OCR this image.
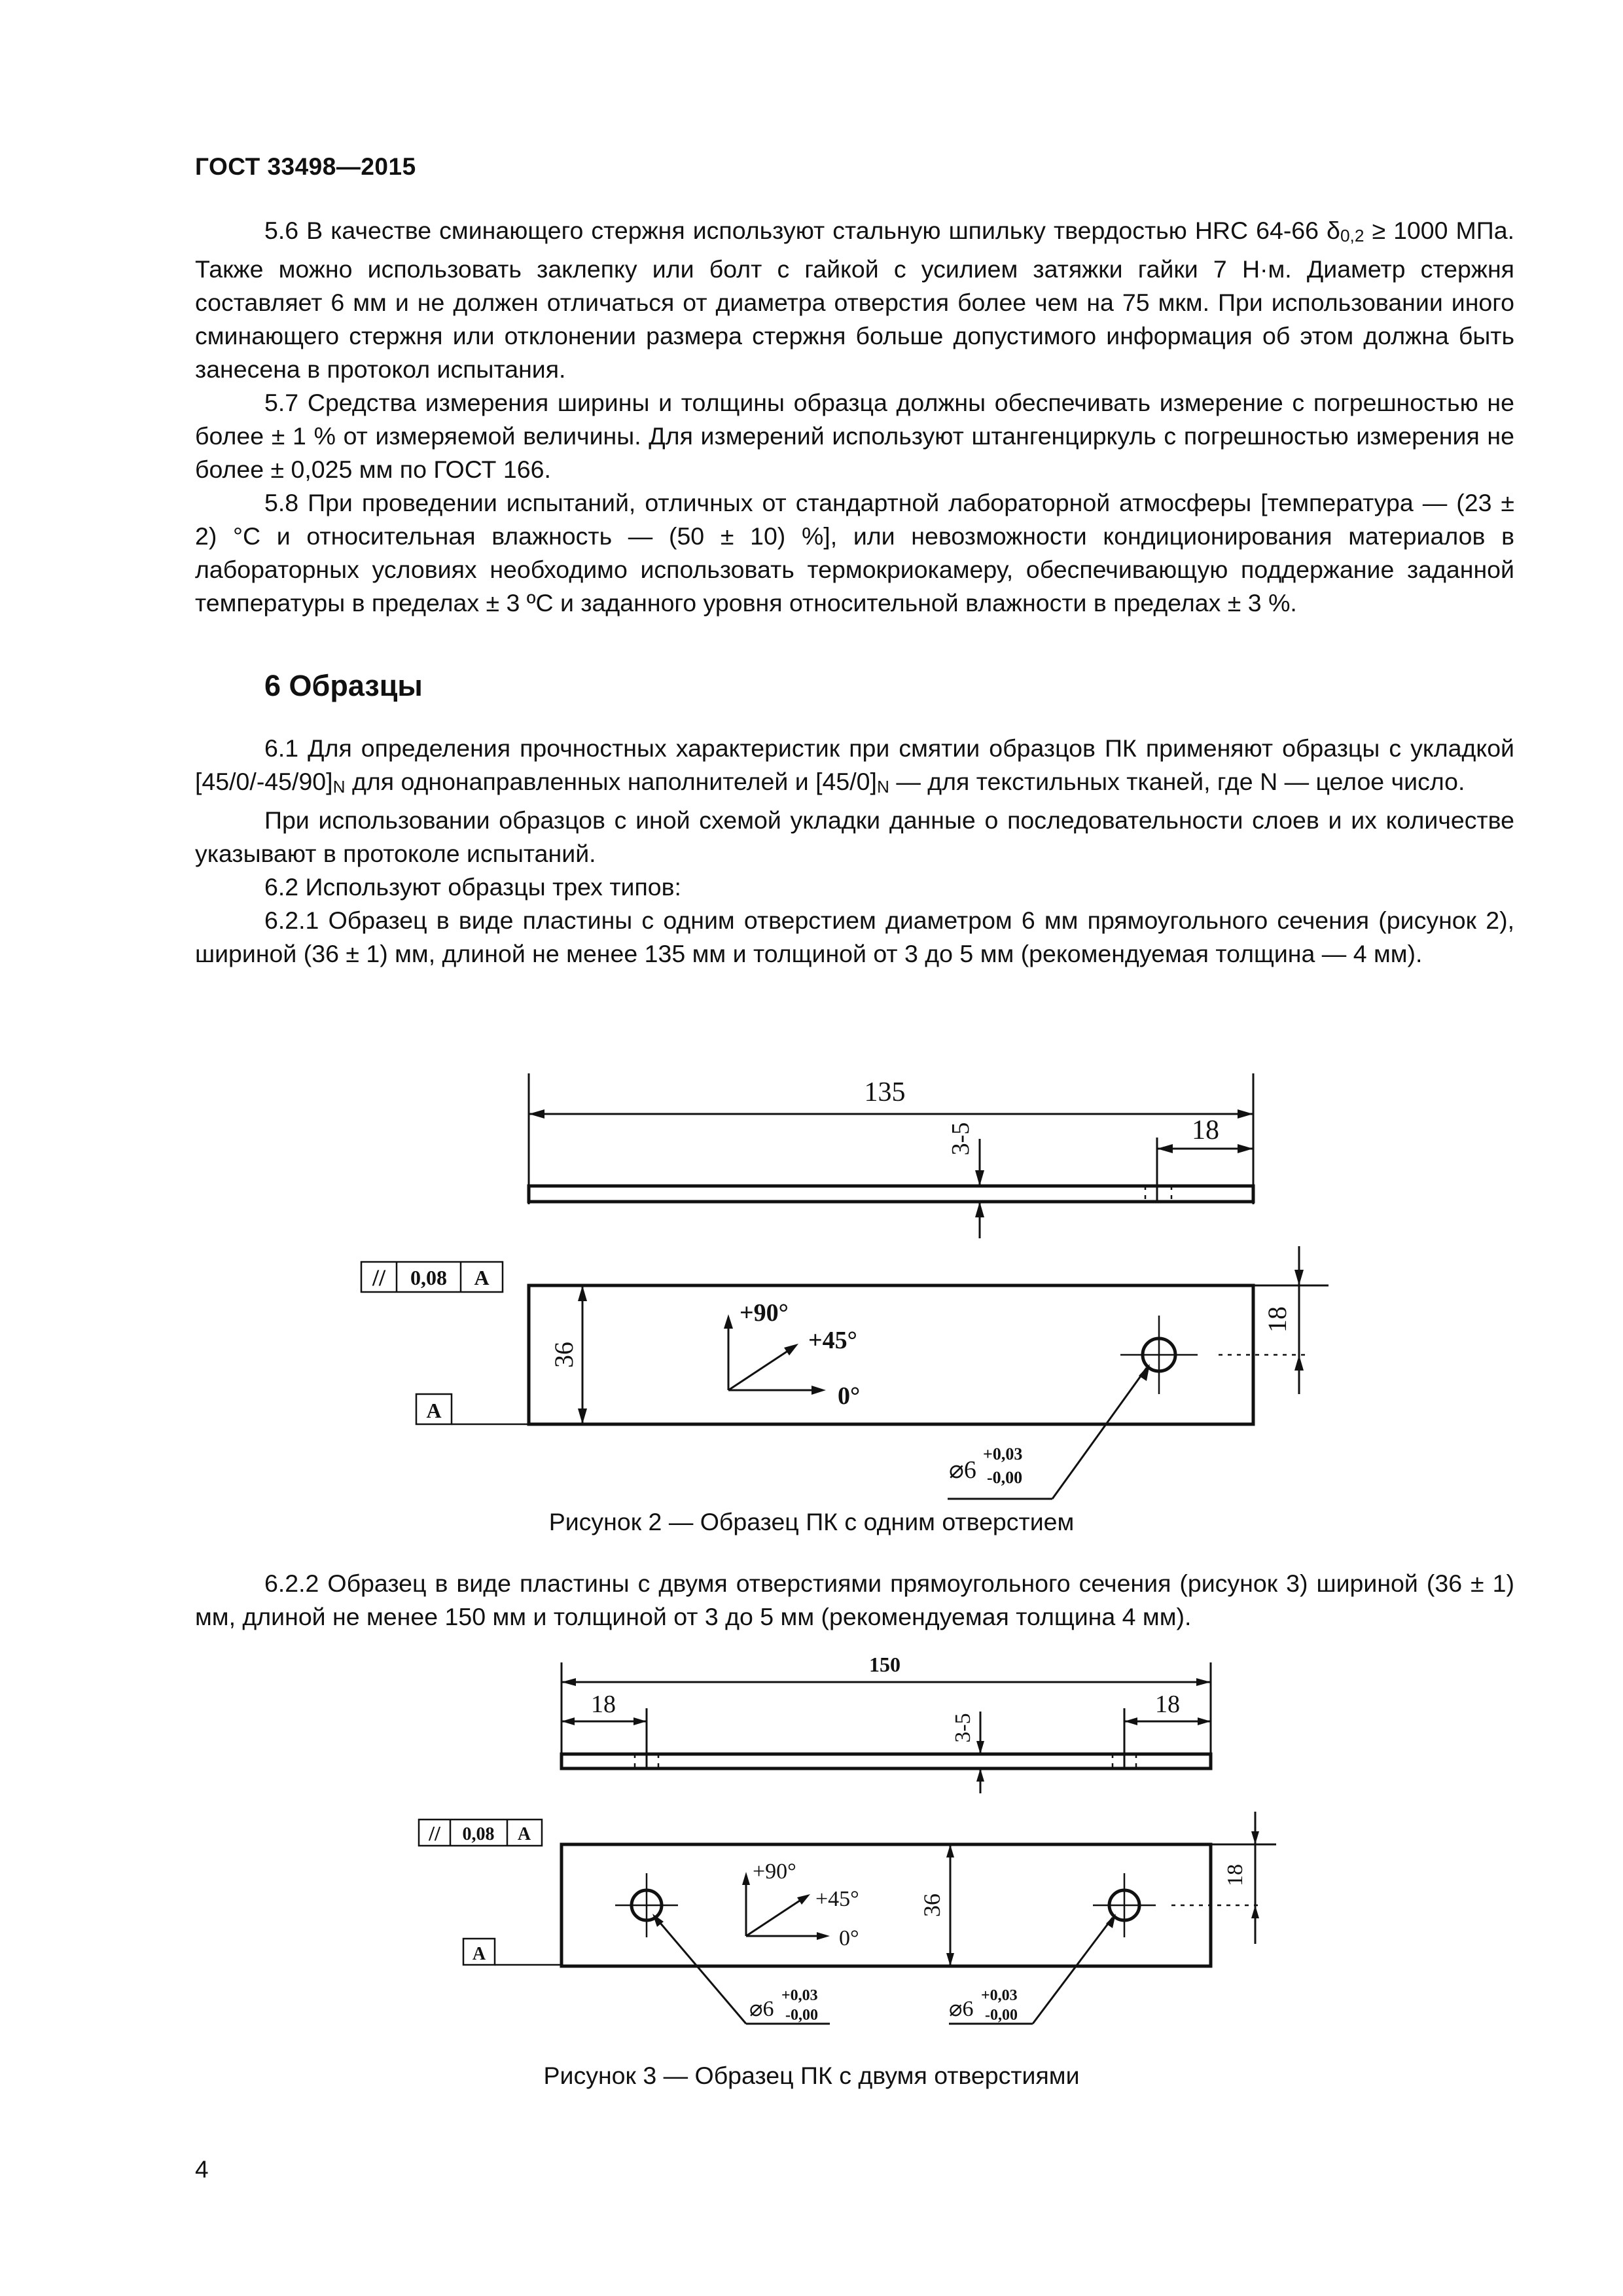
ГОСТ 33498—2015

5.6 В качестве сминающего стержня используют стальную шпильку твердостью HRC 64-66 $\delta_{0,2} \ge 1000$ МПа. Также можно использовать заклепку или болт с гайкой с усилием затяжки гайки 7 Н·м. Диаметр стержня составляет 6 мм и не должен отличаться от диаметра отверстия более чем на 75 мкм. При использовании иного сминающего стержня или отклонении размера стержня больше допустимого информация об этом должна быть занесена в протокол испытания.

5.7 Средства измерения ширины и толщины образца должны обеспечивать измерение с погрешностью не более ± 1 % от измеряемой величины. Для измерений используют штангенциркуль с погрешностью измерения не более ± 0,025 мм по ГОСТ 166.

5.8 При проведении испытаний, отличных от стандартной лабораторной атмосферы [температура — (23 ± 2) °С и относительная влажность — (50 ± 10) %], или невозможности кондиционирования материалов в лабораторных условиях необходимо использовать термокриокамеру, обеспечивающую поддержание заданной температуры в пределах ± 3 ºС и заданного уровня относительной влажности в пределах ± 3 %.

6 Образцы

6.1 Для определения прочностных характеристик при смятии образцов ПК применяют образцы с укладкой $[45/0/-45/90]_N$ для однонаправленных наполнителей и $[45/0]_N$ — для текстильных тканей, где N — целое число.

При использовании образцов с иной схемой укладки данные о последовательности слоев и их количестве указывают в протоколе испытаний.

6.2 Используют образцы трех типов:

6.2.1 Образец в виде пластины с одним отверстием диаметром 6 мм прямоугольного сечения (рисунок 2), шириной (36 ± 1) мм, длиной не менее 135 мм и толщиной от 3 до 5 мм (рекомендуемая толщина — 4 мм).

135
18
3-5
// 0,08 A
A
36
+90°
+45°
0°
18
⌀6
+0,03
-0,00
Рисунок 2 — Образец ПК с одним отверстием

6.2.2 Образец в виде пластины с двумя отверстиями прямоугольного сечения (рисунок 3) шириной (36 ± 1) мм, длиной не менее 150 мм и толщиной от 3 до 5 мм (рекомендуемая толщина 4 мм).

150
18	18
3-5
// 0,08 A
A
36
+90°
+45°
0°
18
⌀6
+0,03
-0,00	⌀6
+0,03
-0,00
Рисунок 3 — Образец ПК с двумя отверстиями
4
